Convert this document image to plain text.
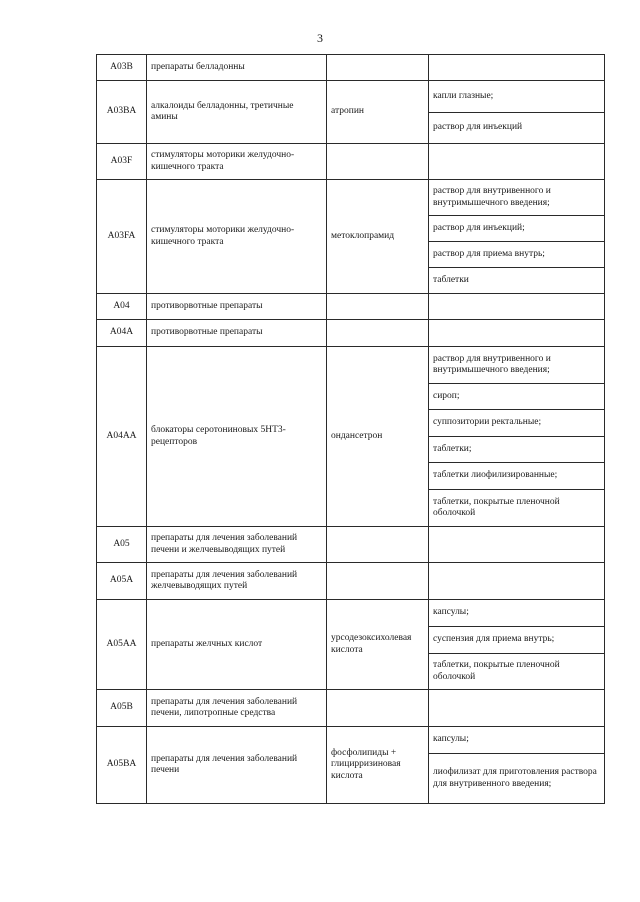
3
A03B	препараты белладонны		
A03BA	алкалоиды белладонны, третичные амины	атропин	капли глазные;
			раствор для инъекций
A03F	стимуляторы моторики желудочно-кишечного тракта		
A03FA	стимуляторы моторики желудочно-кишечного тракта	метоклопрамид	раствор для внутривенного и внутримышечного введения;
			раствор для инъекций;
			раствор для приема внутрь;
			таблетки
A04	противорвотные препараты		
A04A	противорвотные препараты		
A04AA	блокаторы серотониновых 5HT3-рецепторов	ондансетрон	раствор для внутривенного и внутримышечного введения;
			сироп;
			суппозитории ректальные;
			таблетки;
			таблетки лиофилизированные;
			таблетки, покрытые пленочной оболочкой
A05	препараты для лечения заболеваний печени и желчевыводящих путей		
A05A	препараты для лечения заболеваний желчевыводящих путей		
A05AA	препараты желчных кислот	урсодезоксихолевая кислота	капсулы;
			суспензия для приема внутрь;
			таблетки, покрытые пленочной оболочкой
A05B	препараты для лечения заболеваний печени, липотропные средства		
A05BA	препараты для лечения заболеваний печени	фосфолипиды + глицирризиновая кислота	капсулы;
			лиофилизат для приготовления раствора для внутривенного введения;
